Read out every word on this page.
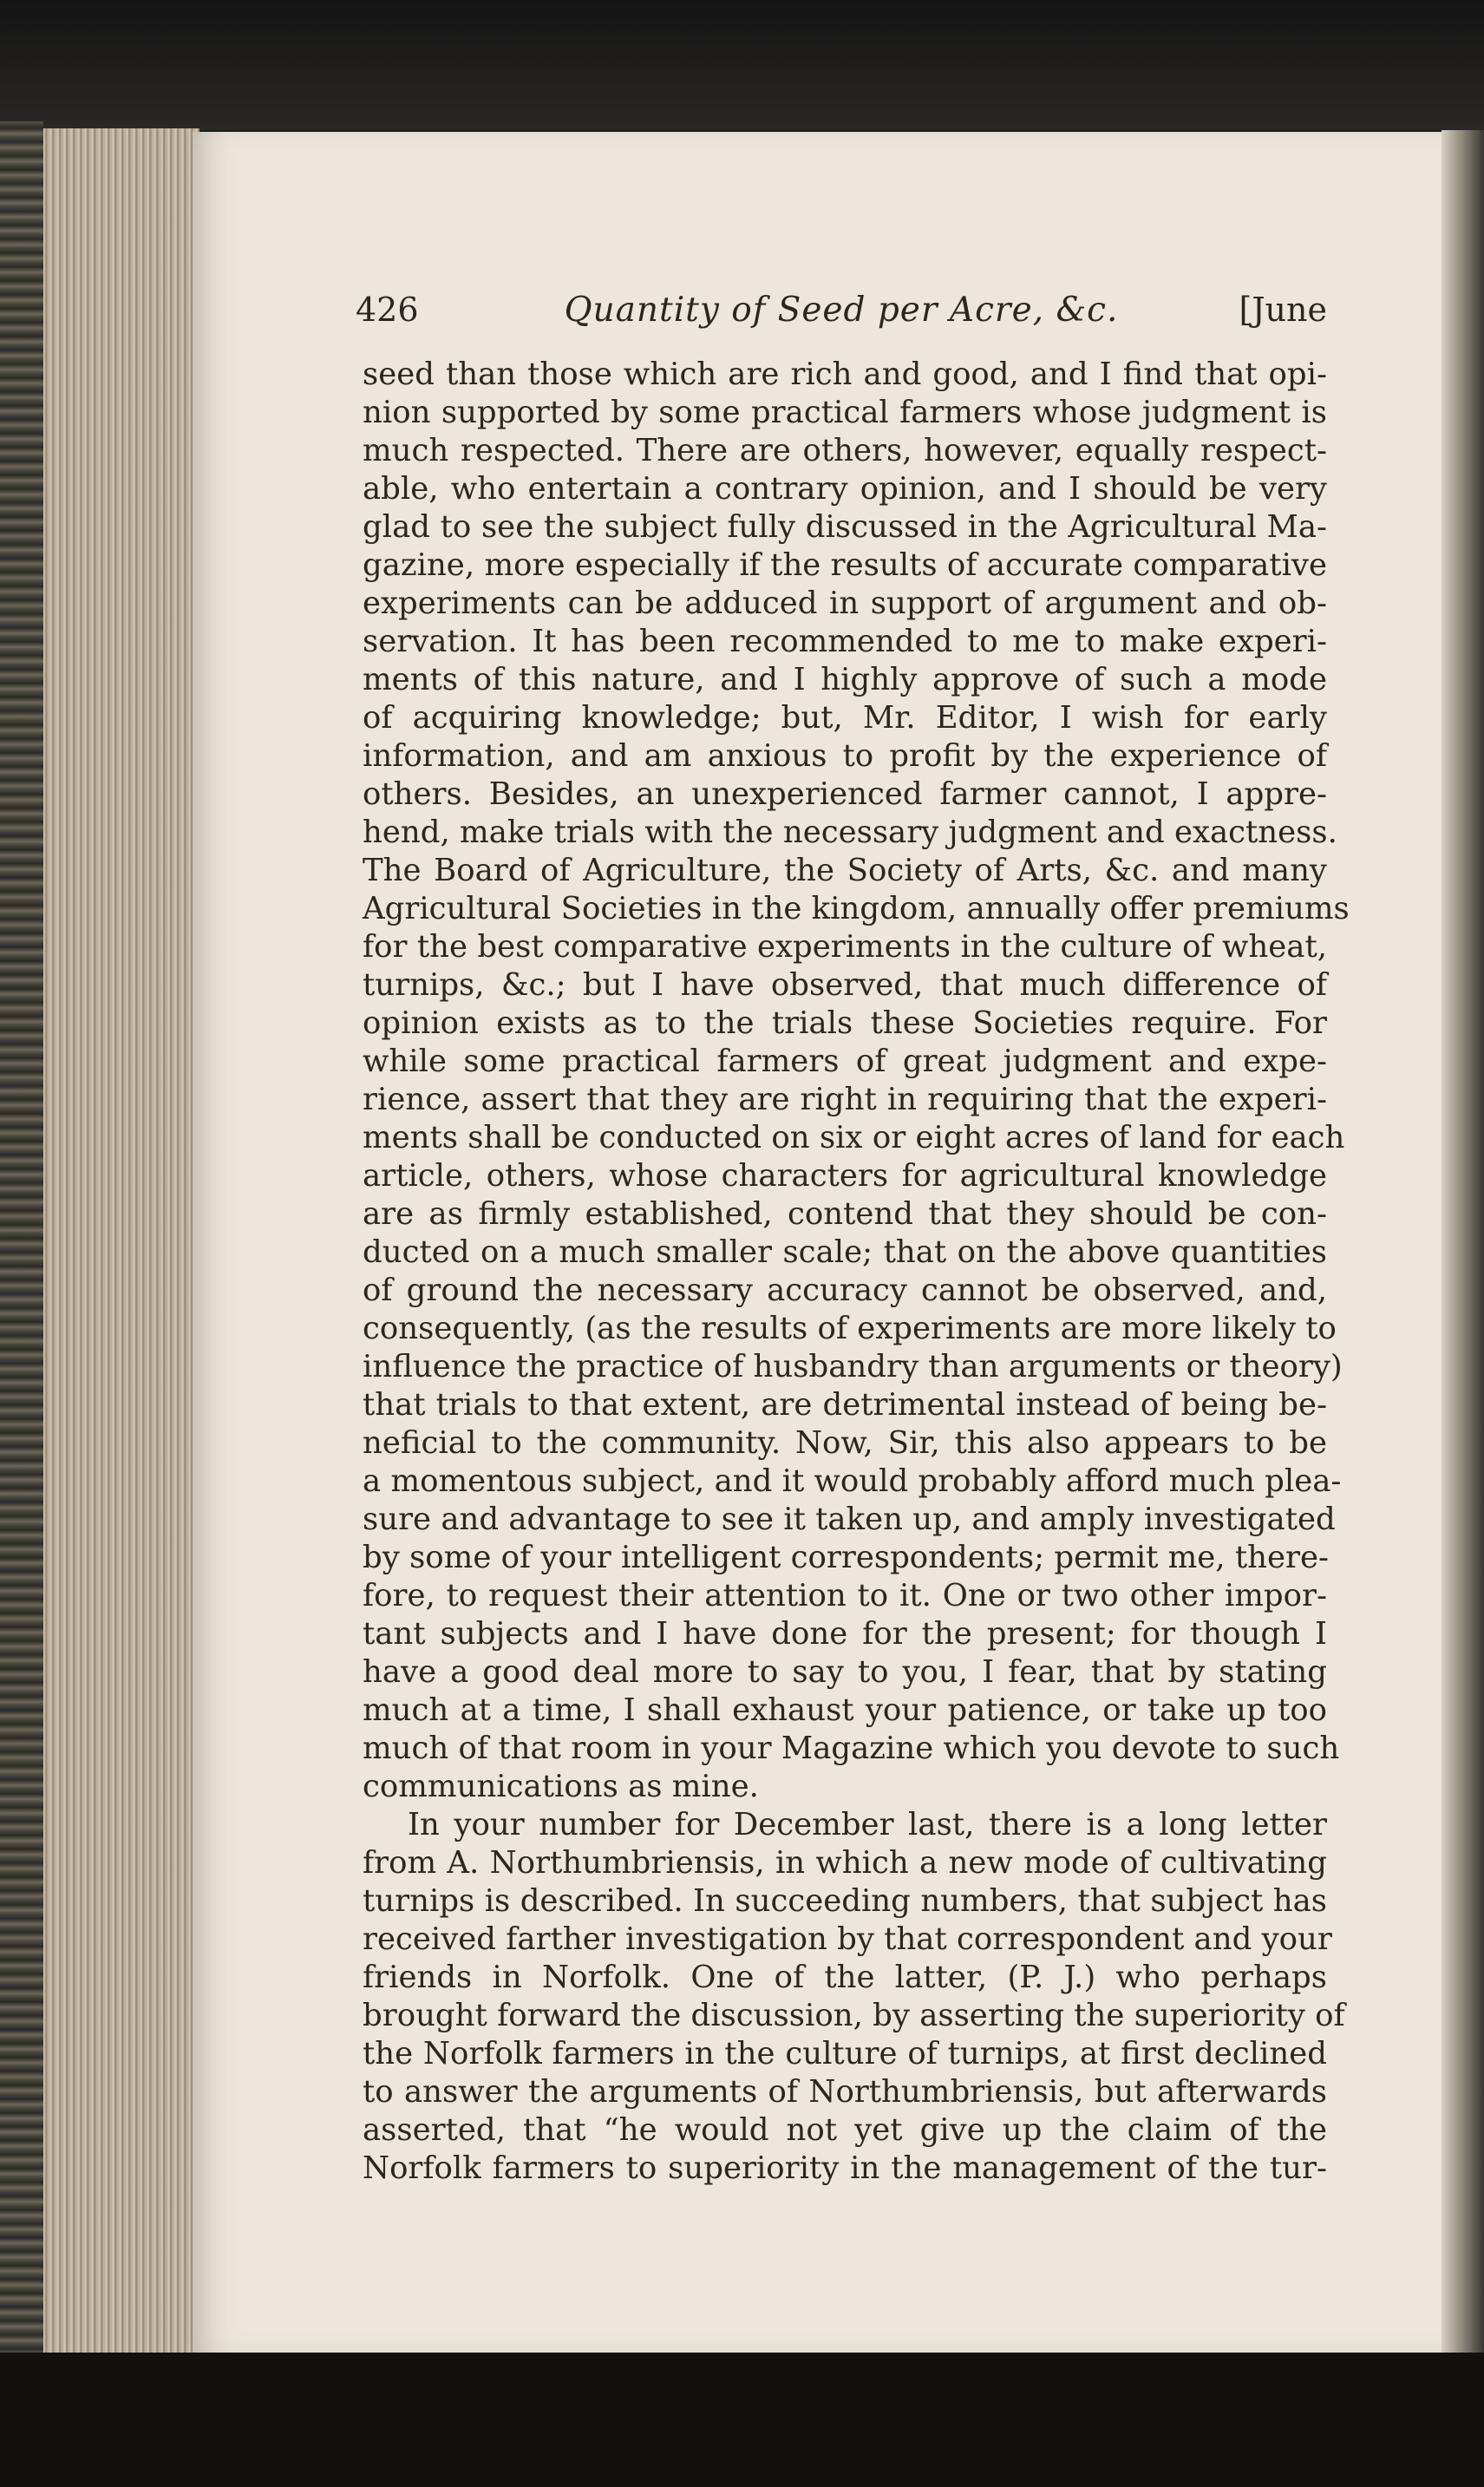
426	Quantity of Seed per Acre, &c.	[June
seed than those which are rich and good, and I find that opi-
nion supported by some practical farmers whose judgment is
much respected. There are others, however, equally respect-
able, who entertain a contrary opinion, and I should be very
glad to see the subject fully discussed in the Agricultural Ma-
gazine, more especially if the results of accurate comparative
experiments can be adduced in support of argument and ob-
servation. It has been recommended to me to make experi-
ments of this nature, and I highly approve of such a mode
of acquiring knowledge; but, Mr. Editor, I wish for early
information, and am anxious to profit by the experience of
others. Besides, an unexperienced farmer cannot, I appre-
hend, make trials with the necessary judgment and exactness.
The Board of Agriculture, the Society of Arts, &c. and many
Agricultural Societies in the kingdom, annually offer premiums
for the best comparative experiments in the culture of wheat,
turnips, &c.; but I have observed, that much difference of
opinion exists as to the trials these Societies require. For
while some practical farmers of great judgment and expe-
rience, assert that they are right in requiring that the experi-
ments shall be conducted on six or eight acres of land for each
article, others, whose characters for agricultural knowledge
are as firmly established, contend that they should be con-
ducted on a much smaller scale; that on the above quantities
of ground the necessary accuracy cannot be observed, and,
consequently, (as the results of experiments are more likely to
influence the practice of husbandry than arguments or theory)
that trials to that extent, are detrimental instead of being be-
neficial to the community. Now, Sir, this also appears to be
a momentous subject, and it would probably afford much plea-
sure and advantage to see it taken up, and amply investigated
by some of your intelligent correspondents; permit me, there-
fore, to request their attention to it. One or two other impor-
tant subjects and I have done for the present; for though I
have a good deal more to say to you, I fear, that by stating
much at a time, I shall exhaust your patience, or take up too
much of that room in your Magazine which you devote to such
communications as mine.
In your number for December last, there is a long letter
from A. Northumbriensis, in which a new mode of cultivating
turnips is described. In succeeding numbers, that subject has
received farther investigation by that correspondent and your
friends in Norfolk. One of the latter, (P. J.) who perhaps
brought forward the discussion, by asserting the superiority of
the Norfolk farmers in the culture of turnips, at first declined
to answer the arguments of Northumbriensis, but afterwards
asserted, that “he would not yet give up the claim of the
Norfolk farmers to superiority in the management of the tur-
